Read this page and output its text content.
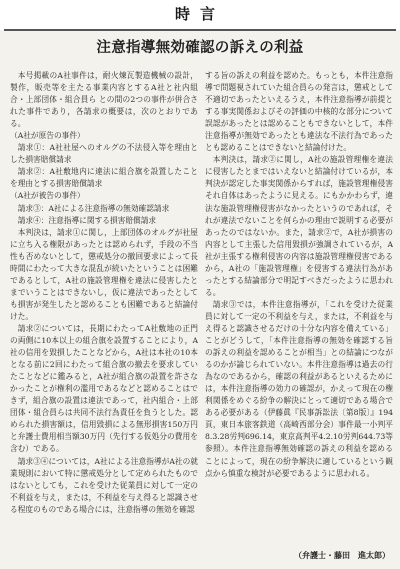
時言
注意指導無効確認の訴えの利益

本号掲載のA社事件は，耐火煉瓦製造機械の設計，製作，販売等を主たる事業内容とするA社と社内組合・上部団体・組合員ら との間の2つの事件が併合された事件であり，各請求の概要は，次のとおりである。

（A社が原告の事件）

請求①：A社社屋へのオルグの不法侵入等を理由とした損害賠償請求

請求②：A社敷地内に違法に組合旗を設置したことを理由とする損害賠償請求

（A社が被告の事件）

請求③：A社による注意指導の無効確認請求

請求④：注意指導に関する損害賠償請求

本判決は，請求①に関し，上部団体のオルグが社屋に立ち入る権限があったとは認められず，手段の不当性も否めないとして，懲戒処分の撤回要求によって長時間にわたって大きな混乱が続いたということは困難であるとして，A社の施設管理権を違法に侵害したとまでいうことはできないし，仮に違法であったとしても損害が発生したと認めることも困難であると結論付けた。

請求②については，長期にわたってA社敷地の正門の両側に10本以上の組合旗を設置することにより，A社の信用を毀損したことなどから，A社は本社の10本となる前に2回にわたって組合旗の撤去を要求していたことなどに鑑みると，A社が組合旗の設置を許さなかったことが権利の濫用であるなどと認めることはできず，組合旗の設置は違法であって，社内組合・上部団体・組合員らは共同不法行為責任を負うとした。認められた損害額は，信用毀損による無形損害150万円と弁護士費用相当額30万円（先行する仮処分の費用を含む）である。

請求③④については，A社による注意指導がA社の就業規則において特に懲戒処分として定められたものではないとしても，これを受けた従業員に対して一定の不利益を与え，または，不利益を与え得ると認識させる程度のものである場合には，注意指導の無効を確認

する旨の訴えの利益を認めた。もっとも，本件注意指導で問題視されていた組合員らの発言は，懲戒として不適切であったといえるうえ，本件注意指導が前提とする事実関係およびその評価の中核的な部分について誤認があったとは認めることもできないとして，本件注意指導が無効であったとも違法な不法行為であったとも認めることはできないと結論付けた。

本判決は，請求②に関し，A社の施設管理権を違法に侵害したとまではいえないと結論付けているが，本判決が認定した事実関係からすれば，施設管理権侵害それ自体はあったように見える。にもかかわらず，違法な施設管理権侵害がなかったというのであれば，それが違法でないことを何らかの理由で説明する必要があったのではないか。また，請求②で，A社が損害の内容として主張した信用毀損が強調されているが，A社が主張する権利侵害の内容は施設管理権侵害であるから，A社の「施設管理権」を侵害する違法行為があったとする結論部分で明記すべきだったように思われる。

請求③では，本件注意指導が，「これを受けた従業員に対して一定の不利益を与え，または，不利益を与え得ると認識させるだけの十分な内容を備えている」ことがどうして，「本件注意指導の無効を確認する旨の訴えの利益を認めることが相当」との結論につながるのかが論じられていない。本件注意指導は過去の行為なのであるから，確認の利益があるといえるためには，本件注意指導の効力の確認が，かえって現在の権利関係をめぐる紛争の解決にとって適切である場合である必要がある（伊藤眞『民事訴訟法〔第8版〕』194頁，東日本旅客鉄道（高崎西部分会）事件最一小判平8.3.28労判696.14，東京高判平4.2.10労判644.73等参照）。本件注意指導無効確認の訴えの利益を認めることによって，現在の紛争解決に適しているという観点から慎重な検討が必要であるように思われる。

（弁護士・藤田　進太郎）
